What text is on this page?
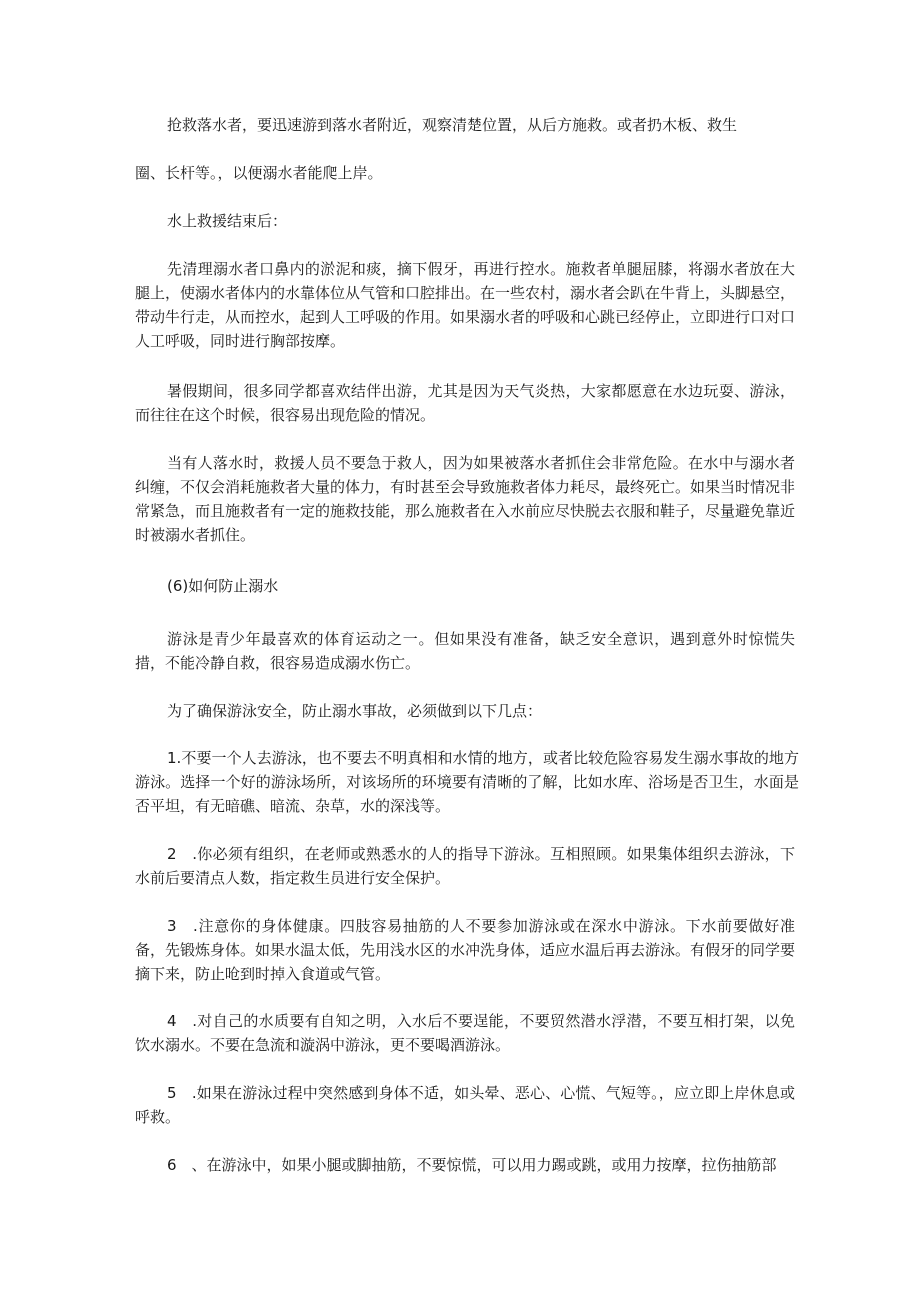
抢救落水者，要迅速游到落水者附近，观察清楚位置，从后方施救。或者扔木板、救生

圈、长杆等。，以便溺水者能爬上岸。

水上救援结束后：

先清理溺水者口鼻内的淤泥和痰，摘下假牙，再进行控水。施救者单腿屈膝，将溺水者放在大腿上，使溺水者体内的水靠体位从气管和口腔排出。在一些农村，溺水者会趴在牛背上，头脚悬空，带动牛行走，从而控水，起到人工呼吸的作用。如果溺水者的呼吸和心跳已经停止，立即进行口对口人工呼吸，同时进行胸部按摩。

暑假期间，很多同学都喜欢结伴出游，尤其是因为天气炎热，大家都愿意在水边玩耍、游泳，而往往在这个时候，很容易出现危险的情况。

当有人落水时，救援人员不要急于救人，因为如果被落水者抓住会非常危险。在水中与溺水者纠缠，不仅会消耗施救者大量的体力，有时甚至会导致施救者体力耗尽，最终死亡。如果当时情况非常紧急，而且施救者有一定的施救技能，那么施救者在入水前应尽快脱去衣服和鞋子，尽量避免靠近时被溺水者抓住。

(6)如何防止溺水

游泳是青少年最喜欢的体育运动之一。但如果没有准备，缺乏安全意识，遇到意外时惊慌失措，不能冷静自救，很容易造成溺水伤亡。

为了确保游泳安全，防止溺水事故，必须做到以下几点：

1.不要一个人去游泳，也不要去不明真相和水情的地方，或者比较危险容易发生溺水事故的地方游泳。选择一个好的游泳场所，对该场所的环境要有清晰的了解，比如水库、浴场是否卫生，水面是否平坦，有无暗礁、暗流、杂草，水的深浅等。

2　.你必须有组织，在老师或熟悉水的人的指导下游泳。互相照顾。如果集体组织去游泳，下水前后要清点人数，指定救生员进行安全保护。

3　.注意你的身体健康。四肢容易抽筋的人不要参加游泳或在深水中游泳。下水前要做好准备，先锻炼身体。如果水温太低，先用浅水区的水冲洗身体，适应水温后再去游泳。有假牙的同学要摘下来，防止呛到时掉入食道或气管。

4　.对自己的水质要有自知之明，入水后不要逞能，不要贸然潜水浮潜，不要互相打架，以免饮水溺水。不要在急流和漩涡中游泳，更不要喝酒游泳。

5　.如果在游泳过程中突然感到身体不适，如头晕、恶心、心慌、气短等。，应立即上岸休息或呼救。

6　、在游泳中，如果小腿或脚抽筋，不要惊慌，可以用力踢或跳，或用力按摩，拉伤抽筋部
